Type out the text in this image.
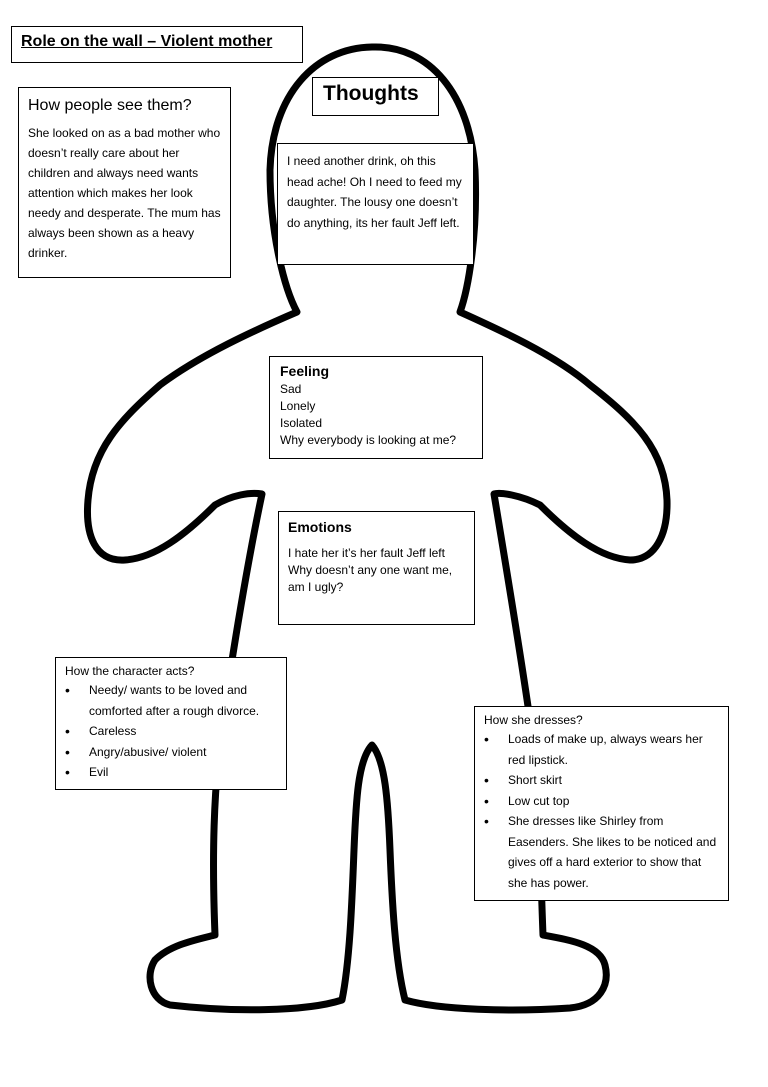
Role on the wall – Violent mother
How people see them?
She looked on as a bad mother who doesn’t really care about her children and always need wants attention which makes her look needy and desperate. The mum has always been shown as a heavy drinker.
Thoughts
I need another drink, oh this head ache! Oh I need to feed my daughter. The lousy one doesn’t do anything, its her fault Jeff left.
Feeling
Sad
Lonely
Isolated
Why everybody is looking at me?
Emotions
I hate her it’s her fault Jeff left Why doesn’t any one want me, am I ugly?
How the character acts?
• Needy/ wants to be loved and comforted after a rough divorce.
• Careless
• Angry/abusive/ violent
• Evil
How she dresses?
• Loads of make up, always wears her red lipstick.
• Short skirt
• Low cut top
• She dresses like Shirley from Easenders. She likes to be noticed and gives off a hard exterior to show that she has power.
